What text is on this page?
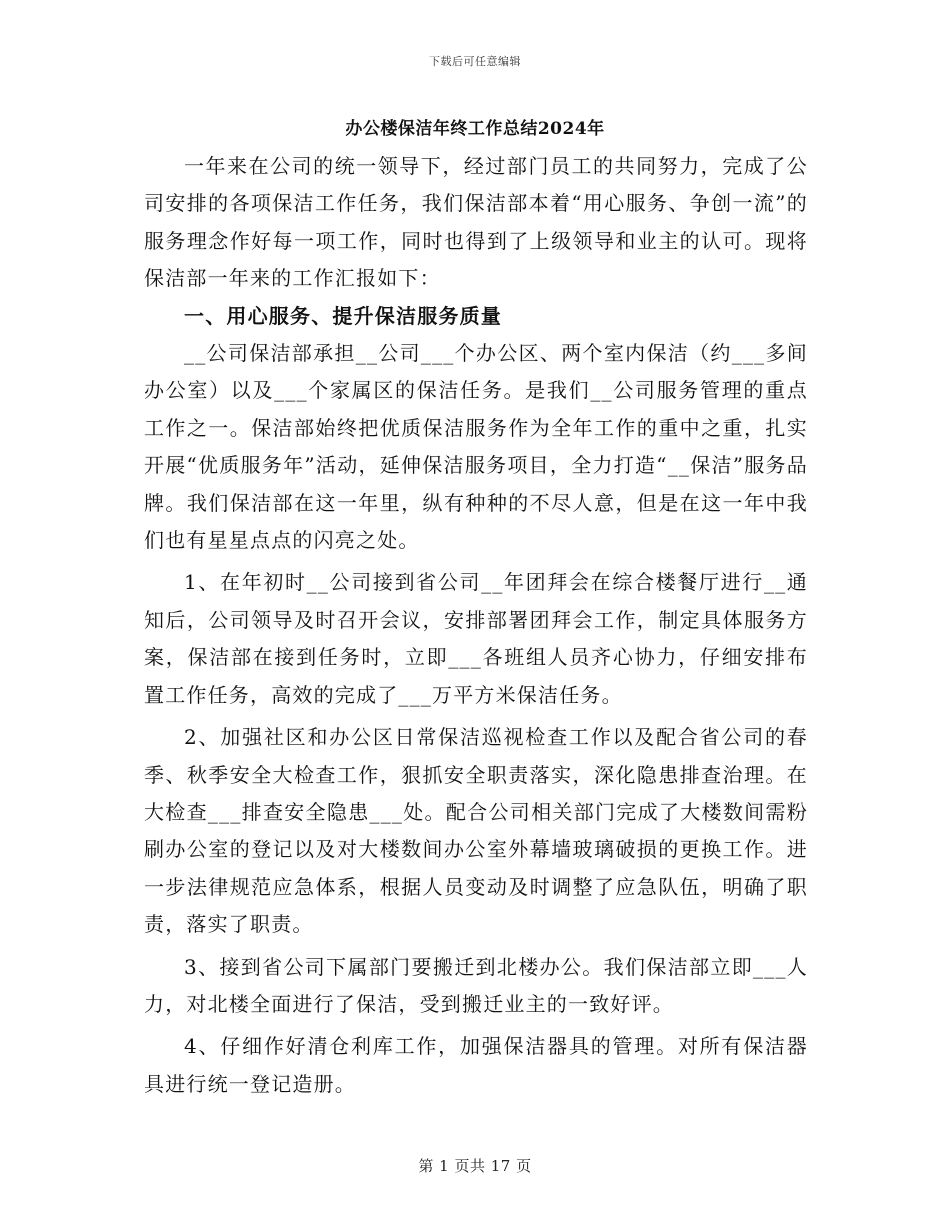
下载后可任意编辑
办公楼保洁年终工作总结2024年

一年来在公司的统一领导下，经过部门员工的共同努力，完成了公司安排的各项保洁工作任务，我们保洁部本着“用心服务、争创一流”的服务理念作好每一项工作，同时也得到了上级领导和业主的认可。现将保洁部一年来的工作汇报如下：

一、用心服务、提升保洁服务质量

__公司保洁部承担__公司___个办公区、两个室内保洁（约___多间办公室）以及___个家属区的保洁任务。是我们__公司服务管理的重点工作之一。保洁部始终把优质保洁服务作为全年工作的重中之重，扎实开展“优质服务年”活动，延伸保洁服务项目，全力打造“__保洁”服务品牌。我们保洁部在这一年里，纵有种种的不尽人意，但是在这一年中我们也有星星点点的闪亮之处。

1、在年初时__公司接到省公司__年团拜会在综合楼餐厅进行__通知后，公司领导及时召开会议，安排部署团拜会工作，制定具体服务方案，保洁部在接到任务时，立即___各班组人员齐心协力，仔细安排布置工作任务，高效的完成了___万平方米保洁任务。

2、加强社区和办公区日常保洁巡视检查工作以及配合省公司的春季、秋季安全大检查工作，狠抓安全职责落实，深化隐患排查治理。在大检查___排查安全隐患___处。配合公司相关部门完成了大楼数间需粉刷办公室的登记以及对大楼数间办公室外幕墙玻璃破损的更换工作。进一步法律规范应急体系，根据人员变动及时调整了应急队伍，明确了职责，落实了职责。

3、接到省公司下属部门要搬迁到北楼办公。我们保洁部立即___人力，对北楼全面进行了保洁，受到搬迁业主的一致好评。

4、仔细作好清仓利库工作，加强保洁器具的管理。对所有保洁器具进行统一登记造册。

第 1 页共 17 页
